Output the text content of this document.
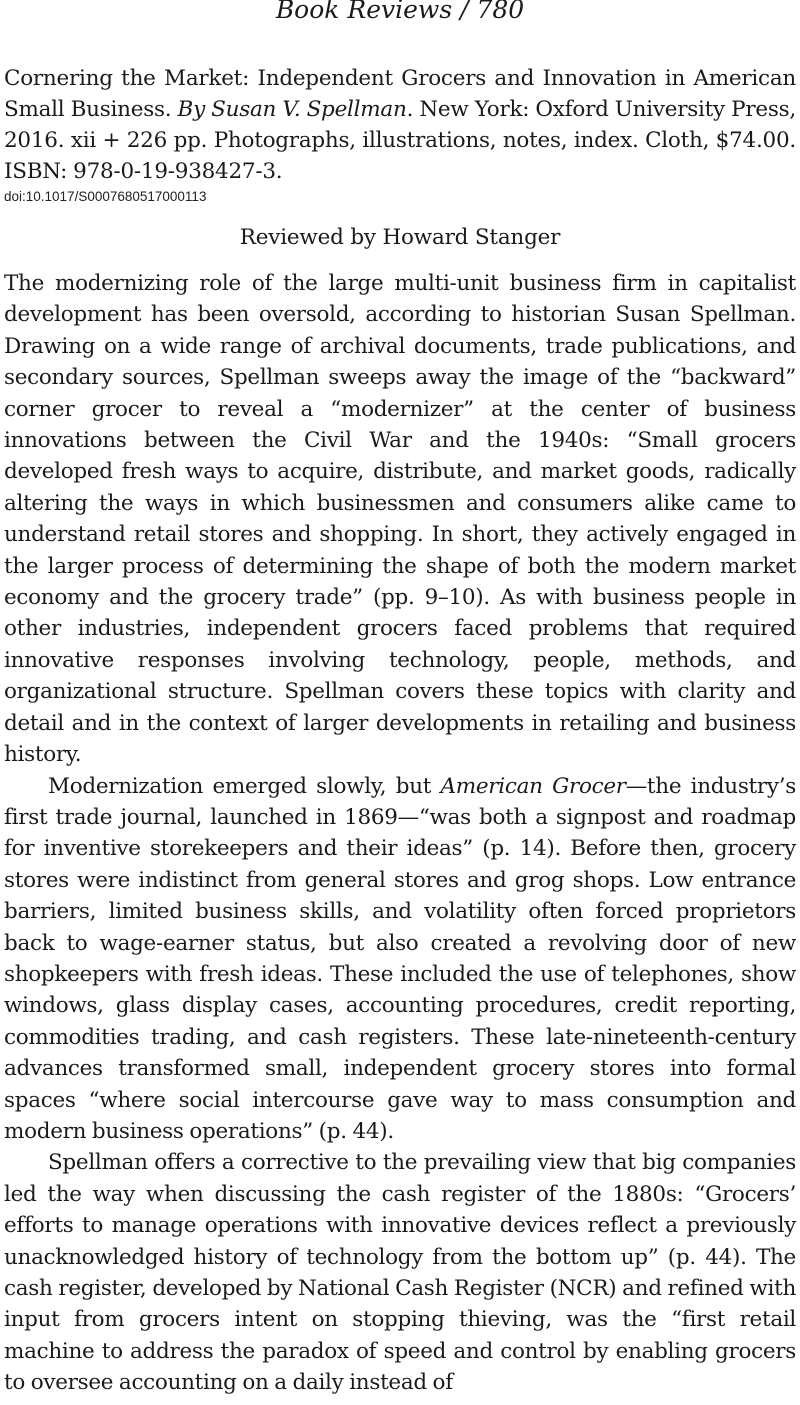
Book Reviews / 780
Cornering the Market: Independent Grocers and Innovation in American Small Business. By Susan V. Spellman. New York: Oxford University Press, 2016. xii + 226 pp. Photographs, illustrations, notes, index. Cloth, $74.00. ISBN: 978-0-19-938427-3.
doi:10.1017/S0007680517000113
Reviewed by Howard Stanger

The modernizing role of the large multi-unit business firm in capitalist development has been oversold, according to historian Susan Spellman. Drawing on a wide range of archival documents, trade publications, and secondary sources, Spellman sweeps away the image of the “backward” corner grocer to reveal a “modernizer” at the center of business innovations between the Civil War and the 1940s: “Small grocers developed fresh ways to acquire, distribute, and market goods, radically altering the ways in which businessmen and consumers alike came to understand retail stores and shopping. In short, they actively engaged in the larger process of determining the shape of both the modern market economy and the grocery trade” (pp. 9–10). As with business people in other industries, independent grocers faced problems that required innovative responses involving technology, people, methods, and organizational structure. Spellman covers these topics with clarity and detail and in the context of larger developments in retailing and business history.

Modernization emerged slowly, but American Grocer—the industry’s first trade journal, launched in 1869—“was both a signpost and roadmap for inventive storekeepers and their ideas” (p. 14). Before then, grocery stores were indistinct from general stores and grog shops. Low entrance barriers, limited business skills, and volatility often forced proprietors back to wage-earner status, but also created a revolving door of new shopkeepers with fresh ideas. These included the use of telephones, show windows, glass display cases, accounting procedures, credit reporting, commodities trading, and cash registers. These late-nineteenth-century advances transformed small, independent grocery stores into formal spaces “where social intercourse gave way to mass consumption and modern business operations” (p. 44).

Spellman offers a corrective to the prevailing view that big companies led the way when discussing the cash register of the 1880s: “Grocers’ efforts to manage operations with innovative devices reflect a previously unacknowledged history of technology from the bottom up” (p. 44). The cash register, developed by National Cash Register (NCR) and refined with input from grocers intent on stopping thieving, was the “first retail machine to address the paradox of speed and control by enabling grocers to oversee accounting on a daily instead of
